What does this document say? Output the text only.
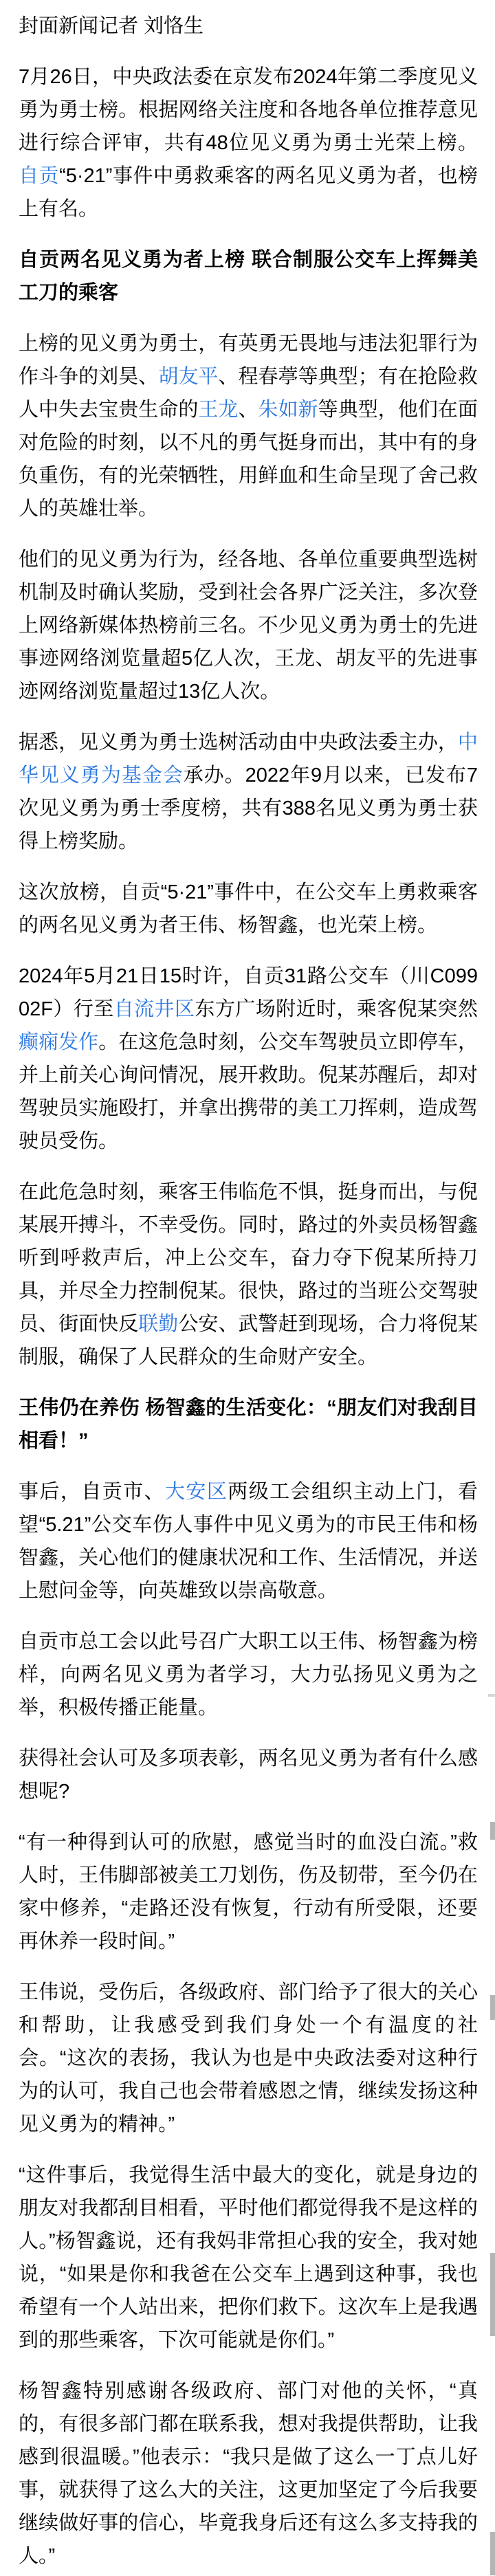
封面新闻记者 刘恪生

7月26日，中央政法委在京发布2024年第二季度见义勇为勇士榜。根据网络关注度和各地各单位推荐意见进行综合评审，共有48位见义勇为勇士光荣上榜。自贡“5·21”事件中勇救乘客的两名见义勇为者，也榜上有名。

自贡两名见义勇为者上榜 联合制服公交车上挥舞美工刀的乘客

上榜的见义勇为勇士，有英勇无畏地与违法犯罪行为作斗争的刘昊、胡友平、程春葶等典型；有在抢险救人中失去宝贵生命的王龙、朱如新等典型，他们在面对危险的时刻，以不凡的勇气挺身而出，其中有的身负重伤，有的光荣牺牲，用鲜血和生命呈现了舍己救人的英雄壮举。

他们的见义勇为行为，经各地、各单位重要典型选树机制及时确认奖励，受到社会各界广泛关注，多次登上网络新媒体热榜前三名。不少见义勇为勇士的先进事迹网络浏览量超5亿人次，王龙、胡友平的先进事迹网络浏览量超过13亿人次。

据悉，见义勇为勇士选树活动由中央政法委主办，中华见义勇为基金会承办。2022年9月以来，已发布7次见义勇为勇士季度榜，共有388名见义勇为勇士获得上榜奖励。

这次放榜，自贡“5·21”事件中，在公交车上勇救乘客的两名见义勇为者王伟、杨智鑫，也光荣上榜。

2024年5月21日15时许，自贡31路公交车（川C09902F）行至自流井区东方广场附近时，乘客倪某突然癫痫发作。在这危急时刻，公交车驾驶员立即停车，并上前关心询问情况，展开救助。倪某苏醒后，却对驾驶员实施殴打，并拿出携带的美工刀挥刺，造成驾驶员受伤。

在此危急时刻，乘客王伟临危不惧，挺身而出，与倪某展开搏斗，不幸受伤。同时，路过的外卖员杨智鑫听到呼救声后，冲上公交车，奋力夺下倪某所持刀具，并尽全力控制倪某。很快，路过的当班公交驾驶员、街面快反联勤公安、武警赶到现场，合力将倪某制服，确保了人民群众的生命财产安全。

王伟仍在养伤 杨智鑫的生活变化：“朋友们对我刮目相看！”

事后，自贡市、大安区两级工会组织主动上门，看望“5.21”公交车伤人事件中见义勇为的市民王伟和杨智鑫，关心他们的健康状况和工作、生活情况，并送上慰问金等，向英雄致以崇高敬意。

自贡市总工会以此号召广大职工以王伟、杨智鑫为榜样，向两名见义勇为者学习，大力弘扬见义勇为之举，积极传播正能量。

获得社会认可及多项表彰，两名见义勇为者有什么感想呢?

“有一种得到认可的欣慰，感觉当时的血没白流。”救人时，王伟脚部被美工刀划伤，伤及韧带，至今仍在家中修养，“走路还没有恢复，行动有所受限，还要再休养一段时间。”

王伟说，受伤后，各级政府、部门给予了很大的关心和帮助，让我感受到我们身处一个有温度的社会。“这次的表扬，我认为也是中央政法委对这种行为的认可，我自己也会带着感恩之情，继续发扬这种见义勇为的精神。”

“这件事后，我觉得生活中最大的变化，就是身边的朋友对我都刮目相看，平时他们都觉得我不是这样的人。”杨智鑫说，还有我妈非常担心我的安全，我对她说，“如果是你和我爸在公交车上遇到这种事，我也希望有一个人站出来，把你们救下。这次车上是我遇到的那些乘客，下次可能就是你们。”

杨智鑫特别感谢各级政府、部门对他的关怀，“真的，有很多部门都在联系我，想对我提供帮助，让我感到很温暖。”他表示：“我只是做了这么一丁点儿好事，就获得了这么大的关注，这更加坚定了今后我要继续做好事的信心，毕竟我身后还有这么多支持我的人。”
